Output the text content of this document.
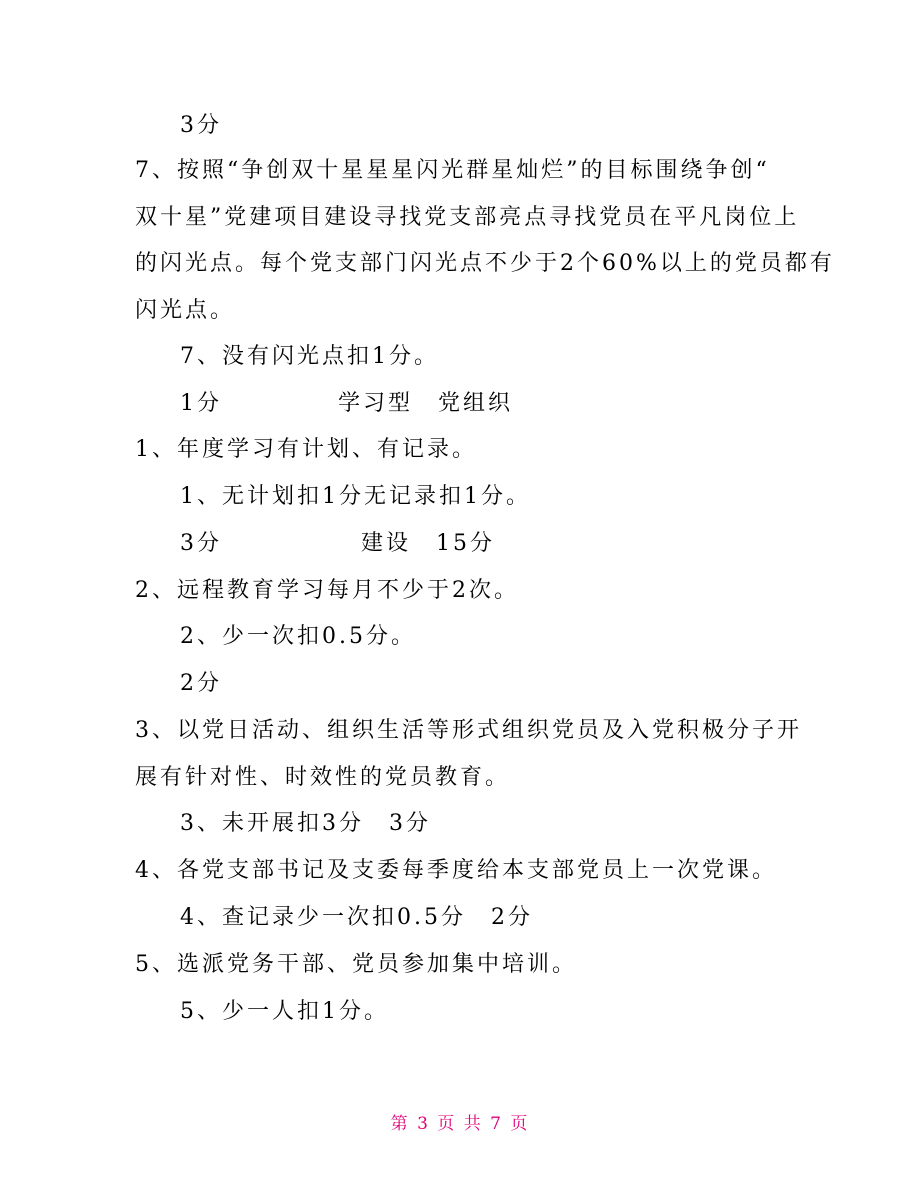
3分
7、按照“争创双十星星星闪光群星灿烂”的目标围绕争创“
双十星”党建项目建设寻找党支部亮点寻找党员在平凡岗位上
的闪光点。每个党支部门闪光点不少于2个60%以上的党员都有
闪光点。
7、没有闪光点扣1分。
1分	学习型　党组织
1、年度学习有计划、有记录。
1、无计划扣1分无记录扣1分。
3分	建设　15分
2、远程教育学习每月不少于2次。
2、少一次扣0.5分。
2分
3、以党日活动、组织生活等形式组织党员及入党积极分子开
展有针对性、时效性的党员教育。
3、未开展扣3分　3分
4、各党支部书记及支委每季度给本支部党员上一次党课。
4、查记录少一次扣0.5分　2分
5、选派党务干部、党员参加集中培训。
5、少一人扣1分。
第 3 页 共 7 页
